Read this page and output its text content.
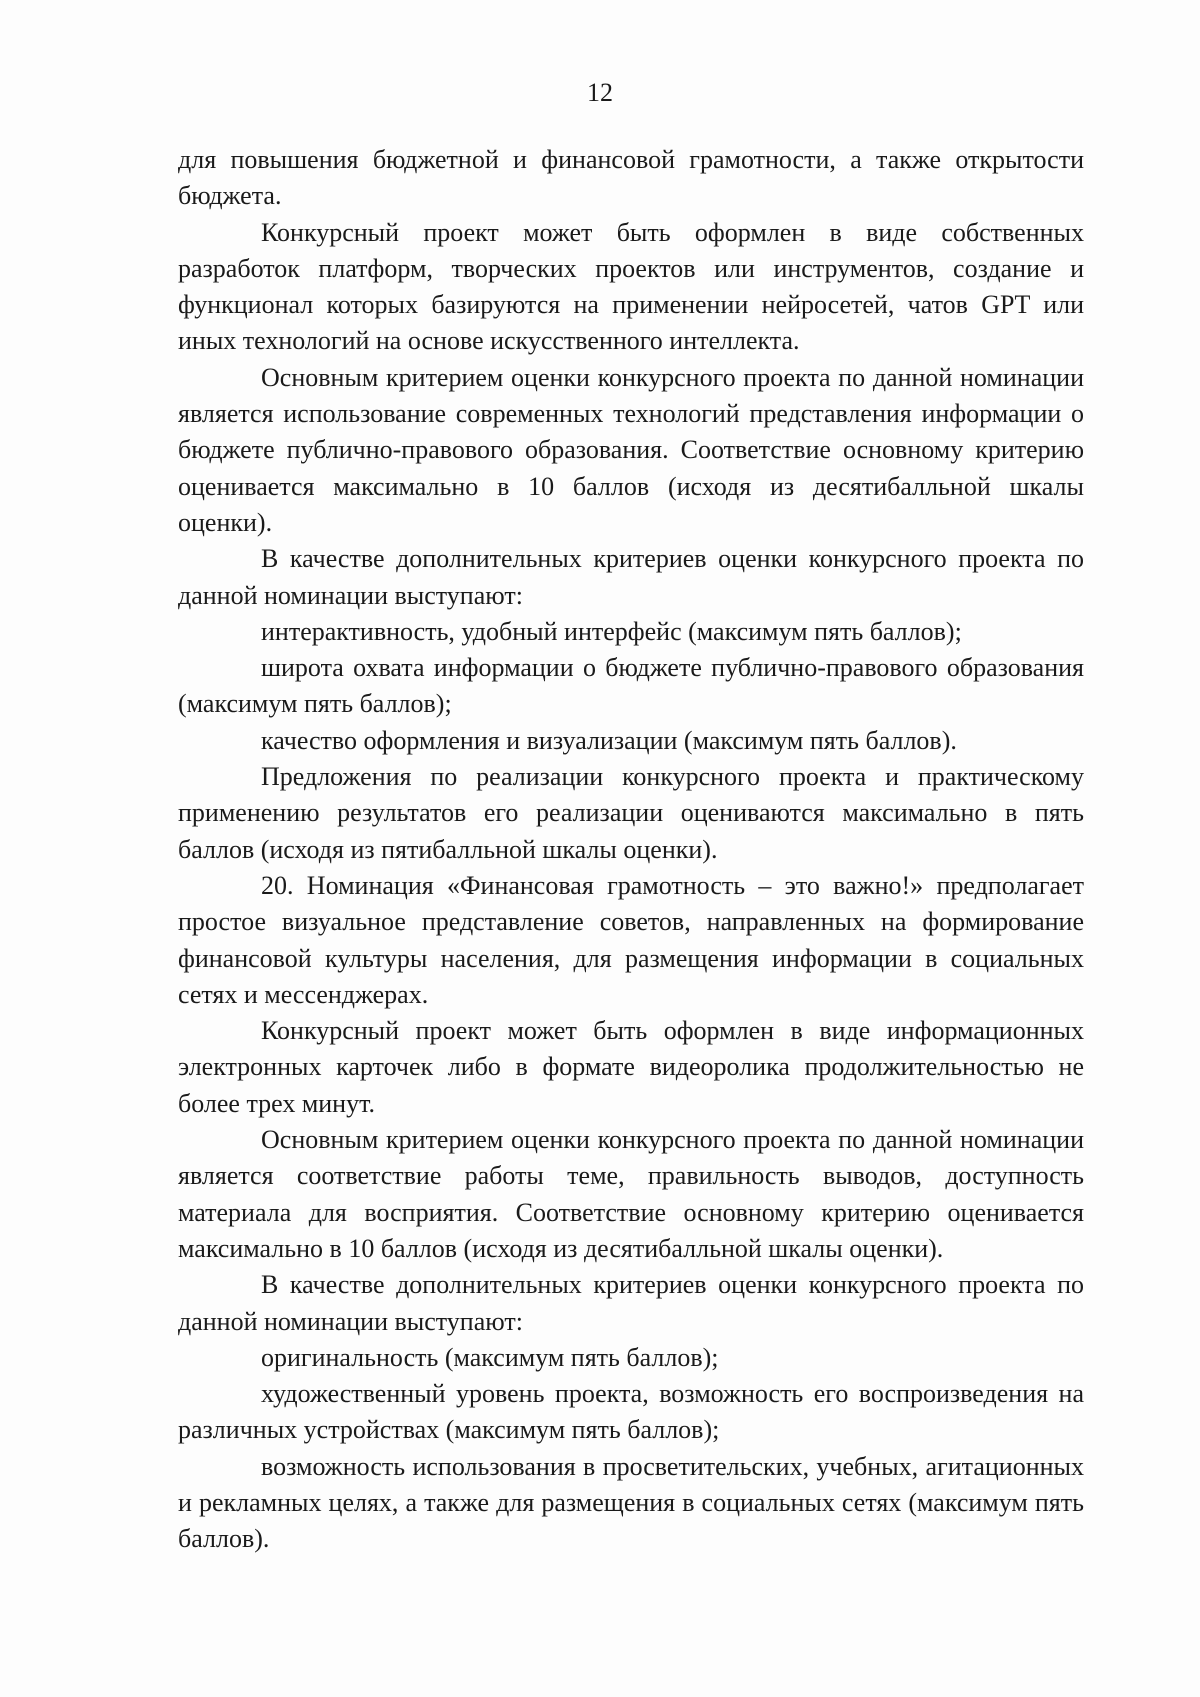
12

для повышения бюджетной и финансовой грамотности, а также открытости бюджета.

Конкурсный проект может быть оформлен в виде собственных разработок платформ, творческих проектов или инструментов, создание и функционал которых базируются на применении нейросетей, чатов GPT или иных технологий на основе искусственного интеллекта.

Основным критерием оценки конкурсного проекта по данной номинации является использование современных технологий представления информации о бюджете публично-правового образования. Соответствие основному критерию оценивается максимально в 10 баллов (исходя из десятибалльной шкалы оценки).

В качестве дополнительных критериев оценки конкурсного проекта по данной номинации выступают:

интерактивность, удобный интерфейс (максимум пять баллов);

широта охвата информации о бюджете публично-правового образования (максимум пять баллов);

качество оформления и визуализации (максимум пять баллов).

Предложения по реализации конкурсного проекта и практическому применению результатов его реализации оцениваются максимально в пять баллов (исходя из пятибалльной шкалы оценки).

20. Номинация «Финансовая грамотность – это важно!» предполагает простое визуальное представление советов, направленных на формирование финансовой культуры населения, для размещения информации в социальных сетях и мессенджерах.

Конкурсный проект может быть оформлен в виде информационных электронных карточек либо в формате видеоролика продолжительностью не более трех минут.

Основным критерием оценки конкурсного проекта по данной номинации является соответствие работы теме, правильность выводов, доступность материала для восприятия. Соответствие основному критерию оценивается максимально в 10 баллов (исходя из десятибалльной шкалы оценки).

В качестве дополнительных критериев оценки конкурсного проекта по данной номинации выступают:

оригинальность (максимум пять баллов);

художественный уровень проекта, возможность его воспроизведения на различных устройствах (максимум пять баллов);

возможность использования в просветительских, учебных, агитационных и рекламных целях, а также для размещения в социальных сетях (максимум пять баллов).
